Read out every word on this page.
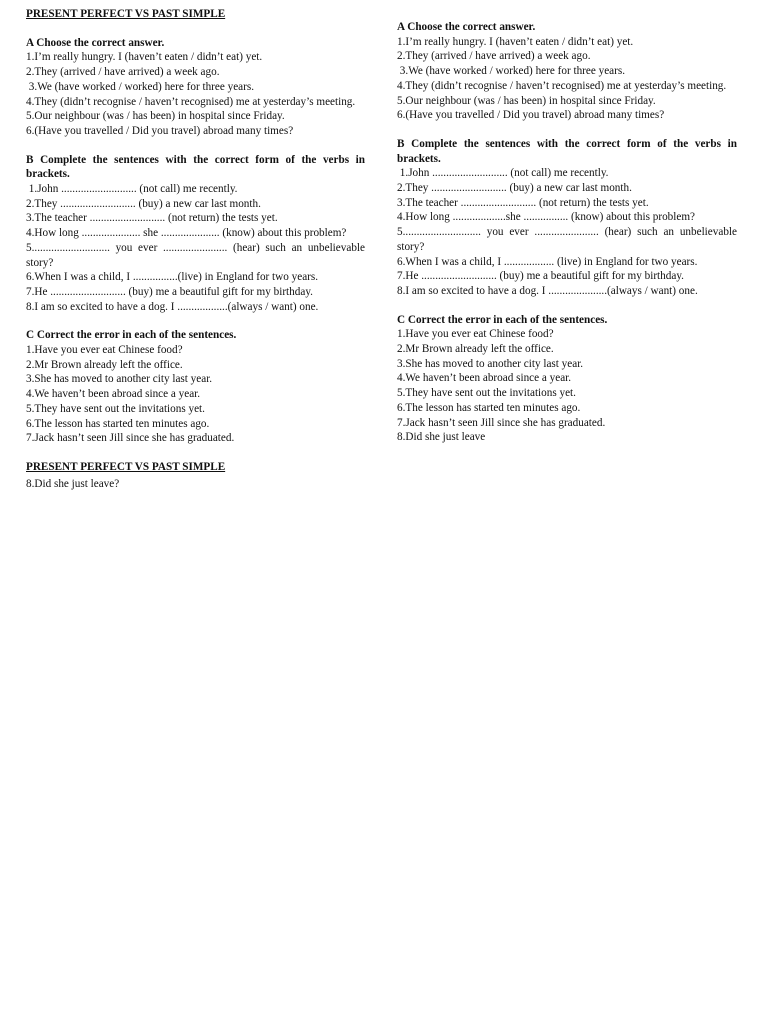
PRESENT PERFECT VS PAST SIMPLE
A Choose the correct answer.
1.I’m really hungry. I (haven’t eaten / didn’t eat) yet.
2.They (arrived / have arrived) a week ago.
3.We (have worked / worked) here for three years.
4.They (didn’t recognise / haven’t recognised) me at yesterday’s meeting.
5.Our neighbour (was / has been) in hospital since Friday.
6.(Have you travelled / Did you travel) abroad many times?
B Complete the sentences with the correct form of the verbs in brackets.
1.John ........................... (not call) me recently.
2.They ........................... (buy) a new car last month.
3.The teacher ........................... (not return) the tests yet.
4.How long ..................... she ..................... (know) about this problem?
5............................ you ever ....................... (hear) such an unbelievable story?
6.When I was a child, I ................(live) in England for two years.
7.He ........................... (buy) me a beautiful gift for my birthday.
8.I am so excited to have a dog. I ..................(always / want) one.
C Correct the error in each of the sentences.
1.Have you ever eat Chinese food?
2.Mr Brown already left the office.
3.She has moved to another city last year.
4.We haven’t been abroad since a year.
5.They have sent out the invitations yet.
6.The lesson has started ten minutes ago.
7.Jack hasn’t seen Jill since she has graduated.
PRESENT PERFECT VS PAST SIMPLE
8.Did she just leave?
A Choose the correct answer.
1.I’m really hungry. I (haven’t eaten / didn’t eat) yet.
2.They (arrived / have arrived) a week ago.
3.We (have worked / worked) here for three years.
4.They (didn’t recognise / haven’t recognised) me at yesterday’s meeting.
5.Our neighbour (was / has been) in hospital since Friday.
6.(Have you travelled / Did you travel) abroad many times?
B Complete the sentences with the correct form of the verbs in brackets.
1.John ........................... (not call) me recently.
2.They ........................... (buy) a new car last month.
3.The teacher ........................... (not return) the tests yet.
4.How long ...................she ................ (know) about this problem?
5............................ you ever ....................... (hear) such an unbelievable story?
6.When I was a child, I .................. (live) in England for two years.
7.He ........................... (buy) me a beautiful gift for my birthday.
8.I am so excited to have a dog. I .....................(always / want) one.
C Correct the error in each of the sentences.
1.Have you ever eat Chinese food?
2.Mr Brown already left the office.
3.She has moved to another city last year.
4.We haven’t been abroad since a year.
5.They have sent out the invitations yet.
6.The lesson has started ten minutes ago.
7.Jack hasn’t seen Jill since she has graduated.
8.Did she just leave
